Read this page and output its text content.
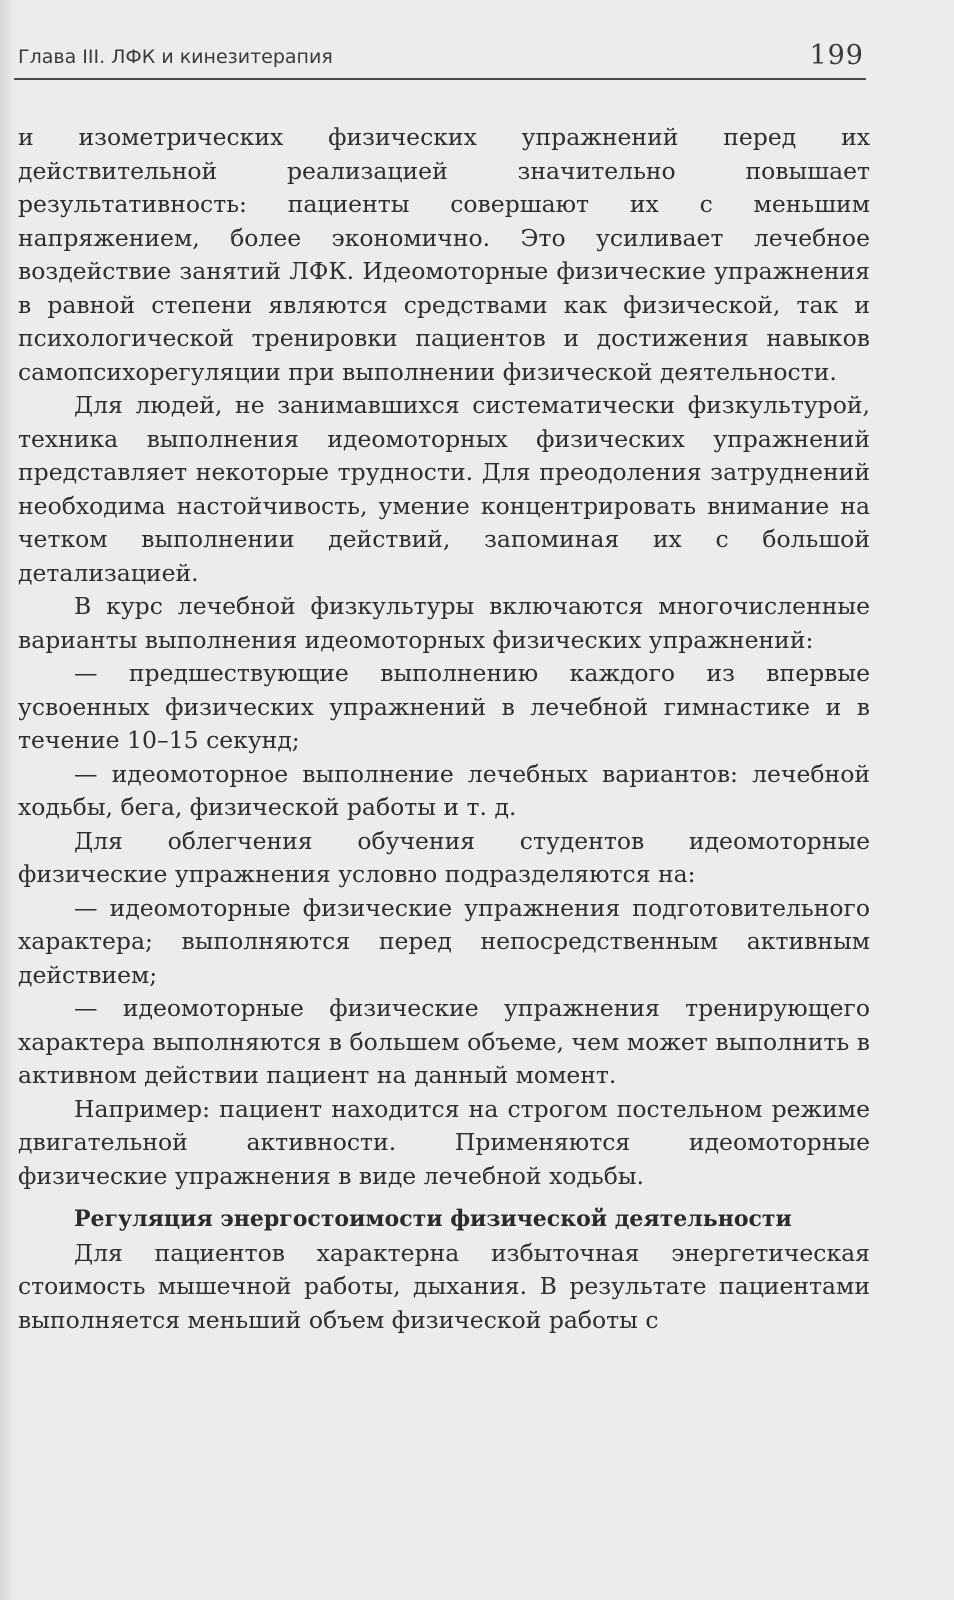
Глава III. ЛФК и кинезитерапия	199

и изометрических физических упражнений перед их действительной реализацией значительно повышает результативность: пациенты совершают их с меньшим напряжением, более экономично. Это усиливает лечебное воздействие занятий ЛФК. Идеомоторные физические упражнения в равной степени являются средствами как физической, так и психологической тренировки пациентов и достижения навыков самопсихорегуляции при выполнении физической деятельности.

Для людей, не занимавшихся систематически физкультурой, техника выполнения идеомоторных физических упражнений представляет некоторые трудности. Для преодоления затруднений необходима настойчивость, умение концентрировать внимание на четком выполнении действий, запоминая их с большой детализацией.

В курс лечебной физкультуры включаются многочисленные варианты выполнения идеомоторных физических упражнений:

— предшествующие выполнению каждого из впервые усвоенных физических упражнений в лечебной гимнастике и в течение 10–15 секунд;

— идеомоторное выполнение лечебных вариантов: лечебной ходьбы, бега, физической работы и т. д.

Для облегчения обучения студентов идеомоторные физические упражнения условно подразделяются на:

— идеомоторные физические упражнения подготовительного характера; выполняются перед непосредственным активным действием;

— идеомоторные физические упражнения тренирующего характера выполняются в большем объеме, чем может выполнить в активном действии пациент на данный момент.

Например: пациент находится на строгом постельном режиме двигательной активности. Применяются идеомоторные физические упражнения в виде лечебной ходьбы.

Регуляция энергостоимости физической деятельности

Для пациентов характерна избыточная энергетическая стоимость мышечной работы, дыхания. В результате пациентами выполняется меньший объем физической работы с
